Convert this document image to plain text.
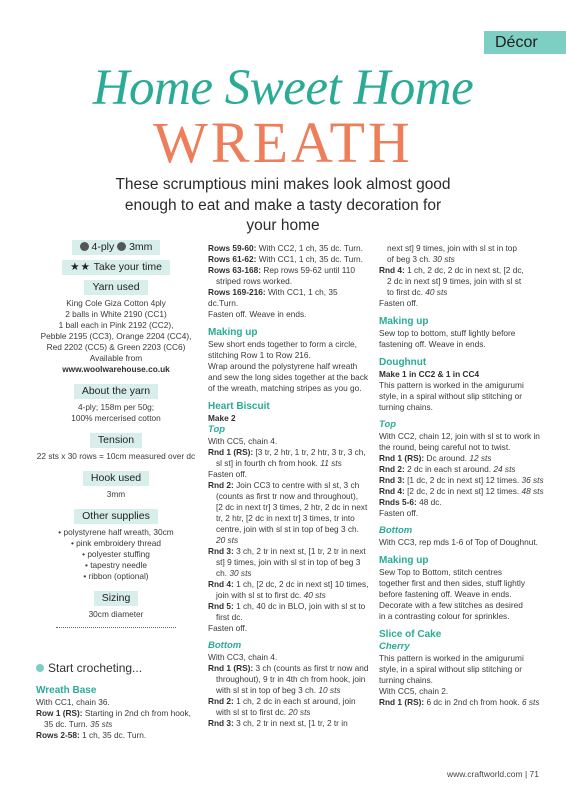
Décor
Home Sweet Home
WREATH
These scrumptious mini makes look almost good enough to eat and make a tasty decoration for your home
4-ply 3mm
★★ Take your time
Yarn used
King Cole Giza Cotton 4ply
2 balls in White 2190 (CC1)
1 ball each in Pink 2192 (CC2),
Pebble 2195 (CC3), Orange 2204 (CC4),
Red 2202 (CC5) & Green 2203 (CC6)
Available from
www.woolwarehouse.co.uk
About the yarn
4-ply; 158m per 50g;
100% mercerised cotton
Tension
22 sts x 30 rows = 10cm measured over dc
Hook used
3mm
Other supplies
• polystyrene half wreath, 30cm
• pink embroidery thread
• polyester stuffing
• tapestry needle
• ribbon (optional)
Sizing
30cm diameter
Start crocheting...
Wreath Base
With CC1, chain 36.
Row 1 (RS): Starting in 2nd ch from hook,
35 dc. Turn. 35 sts
Rows 2-58: 1 ch, 35 dc. Turn.
Rows 59-60: With CC2, 1 ch, 35 dc. Turn.
Rows 61-62: With CC1, 1 ch, 35 dc. Turn.
Rows 63-168: Rep rows 59-62 until 110
striped rows worked.
Rows 169-216: With CC1, 1 ch, 35 dc.Turn.
Fasten off. Weave in ends.
Making up
Sew short ends together to form a circle,
stitching Row 1 to Row 216.
Wrap around the polystyrene half wreath
and sew the long sides together at the back
of the wreath, matching stripes as you go.
Heart Biscuit
Make 2
Top
With CC5, chain 4.
Rnd 1 (RS): [3 tr, 2 htr, 1 tr, 2 htr, 3 tr, 3 ch,
sl st] in fourth ch from hook. 11 sts
Fasten off.
Rnd 2: Join CC3 to centre with sl st, 3 ch
(counts as first tr now and throughout),
[2 dc in next tr] 3 times, 2 htr, 2 dc in next
tr, 2 htr, [2 dc in next tr] 3 times, tr into
centre, join with sl st in top of beg 3 ch.
20 sts
Rnd 3: 3 ch, 2 tr in next st, [1 tr, 2 tr in next
st] 9 times, join with sl st in top of beg 3
ch. 30 sts
Rnd 4: 1 ch, [2 dc, 2 dc in next st] 10 times,
join with sl st to first dc. 40 sts
Rnd 5: 1 ch, 40 dc in BLO, join with sl st to
first dc.
Fasten off.
Bottom
With CC3, chain 4.
Rnd 1 (RS): 3 ch (counts as first tr now and
throughout), 9 tr in 4th ch from hook, join
with sl st in top of beg 3 ch. 10 sts
Rnd 2: 1 ch, 2 dc in each st around, join
with sl st to first dc. 20 sts
Rnd 3: 3 ch, 2 tr in next st, [1 tr, 2 tr in
next st] 9 times, join with sl st in top
of beg 3 ch. 30 sts
Rnd 4: 1 ch, 2 dc, 2 dc in next st, [2 dc,
2 dc in next st] 9 times, join with sl st
to first dc. 40 sts
Fasten off.
Making up
Sew top to bottom, stuff lightly before
fastening off. Weave in ends.
Doughnut
Make 1 in CC2 & 1 in CC4
This pattern is worked in the amigurumi
style, in a spiral without slip stitching or
turning chains.
Top
With CC2, chain 12, join with sl st to work in
the round, being careful not to twist.
Rnd 1 (RS): Dc around. 12 sts
Rnd 2: 2 dc in each st around. 24 sts
Rnd 3: [1 dc, 2 dc in next st] 12 times. 36 sts
Rnd 4: [2 dc, 2 dc in next st] 12 times. 48 sts
Rnds 5-6: 48 dc.
Fasten off.
Bottom
With CC3, rep mds 1-6 of Top of Doughnut.
Making up
Sew Top to Bottom, stitch centres
together first and then sides, stuff lightly
before fastening off. Weave in ends.
Decorate with a few stitches as desired
in a contrasting colour for sprinkles.
Slice of Cake
Cherry
This pattern is worked in the amigurumi
style, in a spiral without slip stitching or
turning chains.
With CC5, chain 2.
Rnd 1 (RS): 6 dc in 2nd ch from hook. 6 sts
www.craftworld.com | 71
